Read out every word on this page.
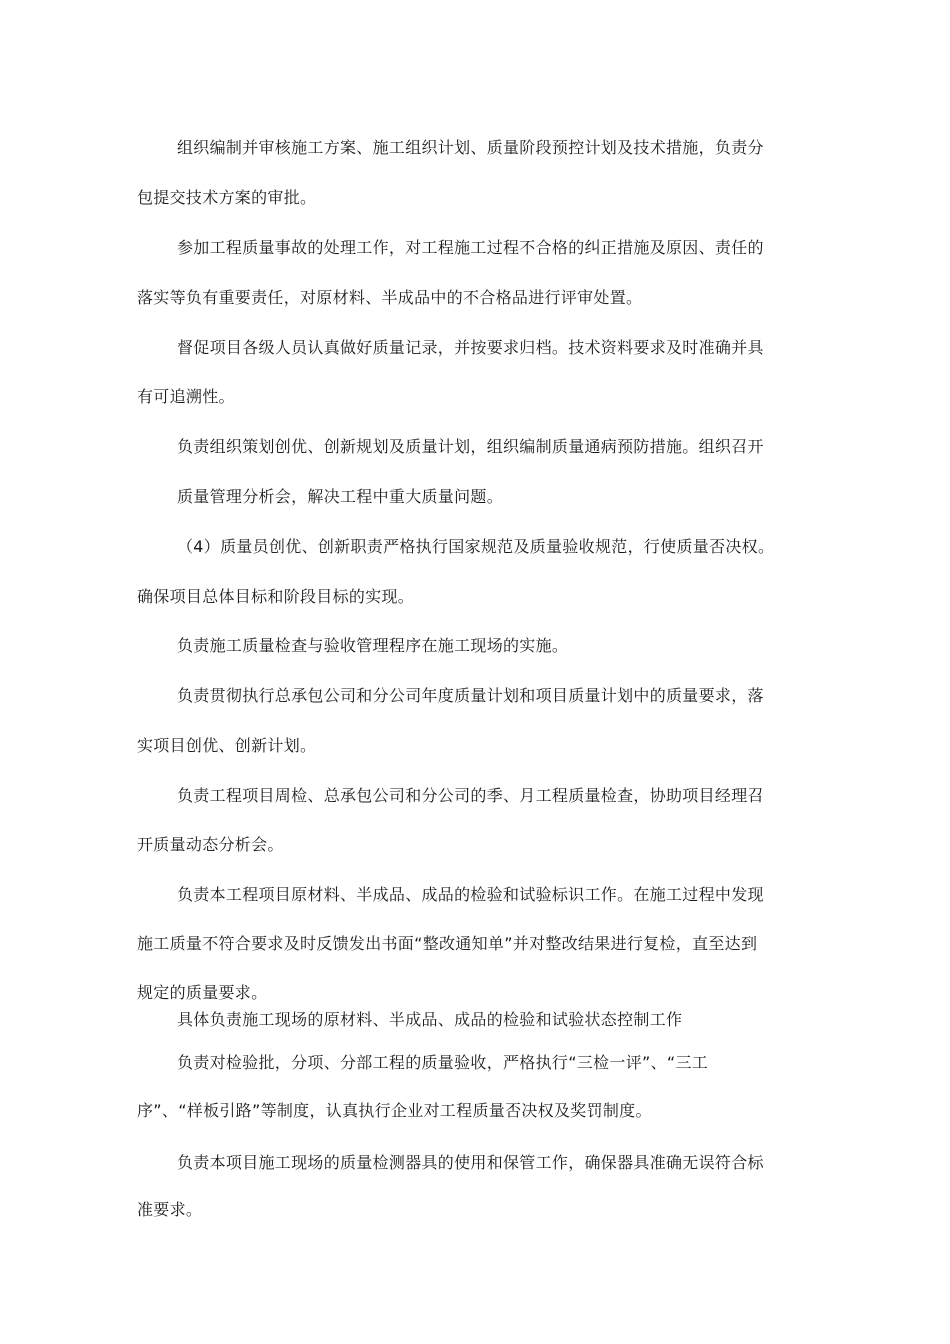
组织编制并审核施工方案、施工组织计划、质量阶段预控计划及技术措施，负责分
包提交技术方案的审批。
参加工程质量事故的处理工作，对工程施工过程不合格的纠正措施及原因、责任的
落实等负有重要责任，对原材料、半成品中的不合格品进行评审处置。
督促项目各级人员认真做好质量记录，并按要求归档。技术资料要求及时准确并具
有可追溯性。
负责组织策划创优、创新规划及质量计划，组织编制质量通病预防措施。组织召开
质量管理分析会，解决工程中重大质量问题。
（4）质量员创优、创新职责严格执行国家规范及质量验收规范，行使质量否决权。
确保项目总体目标和阶段目标的实现。
负责施工质量检查与验收管理程序在施工现场的实施。
负责贯彻执行总承包公司和分公司年度质量计划和项目质量计划中的质量要求，落
实项目创优、创新计划。
负责工程项目周检、总承包公司和分公司的季、月工程质量检查，协助项目经理召
开质量动态分析会。
负责本工程项目原材料、半成品、成品的检验和试验标识工作。在施工过程中发现
施工质量不符合要求及时反馈发出书面“整改通知单”并对整改结果进行复检，直至达到
规定的质量要求。
具体负责施工现场的原材料、半成品、成品的检验和试验状态控制工作
负责对检验批，分项、分部工程的质量验收，严格执行“三检一评”、“三工
序”、“样板引路”等制度，认真执行企业对工程质量否决权及奖罚制度。
负责本项目施工现场的质量检测器具的使用和保管工作，确保器具准确无误符合标
准要求。
